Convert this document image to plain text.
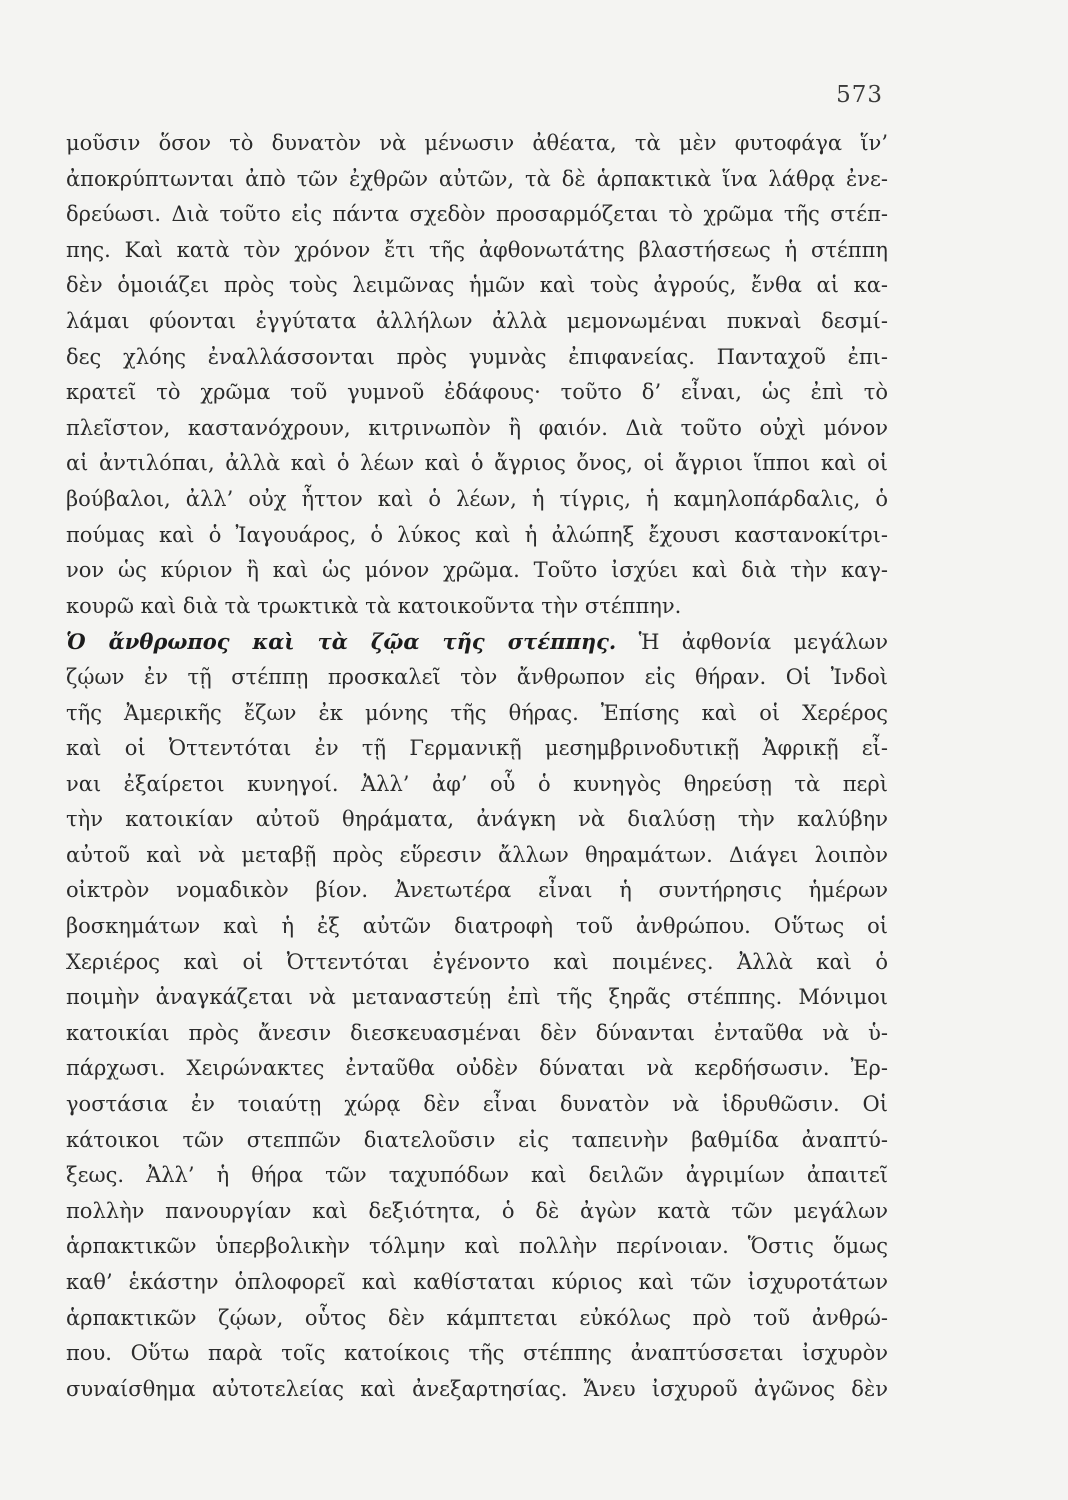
573
μοῦσιν ὅσον τὸ δυνατὸν νὰ μένωσιν ἀθέατα, τὰ μὲν φυτοφάγα ἵν’
ἀποκρύπτωνται ἀπὸ τῶν ἐχθρῶν αὐτῶν, τὰ δὲ ἁρπακτικὰ ἵνα λάθρᾳ ἐνε-
δρεύωσι. Διὰ τοῦτο εἰς πάντα σχεδὸν προσαρμόζεται τὸ χρῶμα τῆς στέπ-
πης. Καὶ κατὰ τὸν χρόνον ἔτι τῆς ἀφθονωτάτης βλαστήσεως ἡ στέππη
δὲν ὁμοιάζει πρὸς τοὺς λειμῶνας ἡμῶν καὶ τοὺς ἀγρούς, ἔνθα αἱ κα-
λάμαι φύονται ἐγγύτατα ἀλλήλων ἀλλὰ μεμονωμέναι πυκναὶ δεσμί-
δες χλόης ἐναλλάσσονται πρὸς γυμνὰς ἐπιφανείας. Πανταχοῦ ἐπι-
κρατεῖ τὸ χρῶμα τοῦ γυμνοῦ ἐδάφους· τοῦτο δ’ εἶναι, ὡς ἐπὶ τὸ
πλεῖστον, καστανόχρουν, κιτρινωπὸν ἢ φαιόν. Διὰ τοῦτο οὐχὶ μόνον
αἱ ἀντιλόπαι, ἀλλὰ καὶ ὁ λέων καὶ ὁ ἄγριος ὄνος, οἱ ἄγριοι ἵπποι καὶ οἱ
βούβαλοι, ἀλλ’ οὐχ ἧττον καὶ ὁ λέων, ἡ τίγρις, ἡ καμηλοπάρδαλις, ὁ
πούμας καὶ ὁ Ἰαγουάρος, ὁ λύκος καὶ ἡ ἀλώπηξ ἔχουσι καστανοκίτρι-
νον ὡς κύριον ἢ καὶ ὡς μόνον χρῶμα. Τοῦτο ἰσχύει καὶ διὰ τὴν καγ-
κουρῶ καὶ διὰ τὰ τρωκτικὰ τὰ κατοικοῦντα τὴν στέππην.
Ὁ ἄνθρωπος καὶ τὰ ζῷα τῆς στέππης. Ἡ ἀφθονία μεγάλων
ζῴων ἐν τῇ στέππῃ προσκαλεῖ τὸν ἄνθρωπον εἰς θήραν. Οἱ Ἰνδοὶ
τῆς Ἀμερικῆς ἔζων ἐκ μόνης τῆς θήρας. Ἐπίσης καὶ οἱ Χερέρος
καὶ οἱ Ὀττεντόται ἐν τῇ Γερμανικῇ μεσημβρινοδυτικῇ Ἀφρικῇ εἶ-
ναι ἐξαίρετοι κυνηγοί. Ἀλλ’ ἀφ’ οὗ ὁ κυνηγὸς θηρεύσῃ τὰ περὶ
τὴν κατοικίαν αὐτοῦ θηράματα, ἀνάγκη νὰ διαλύσῃ τὴν καλύβην
αὐτοῦ καὶ νὰ μεταβῇ πρὸς εὕρεσιν ἄλλων θηραμάτων. Διάγει λοιπὸν
οἰκτρὸν νομαδικὸν βίον. Ἀνετωτέρα εἶναι ἡ συντήρησις ἡμέρων
βοσκημάτων καὶ ἡ ἐξ αὐτῶν διατροφὴ τοῦ ἀνθρώπου. Οὕτως οἱ
Χεριέρος καὶ οἱ Ὀττεντόται ἐγένοντο καὶ ποιμένες. Ἀλλὰ καὶ ὁ
ποιμὴν ἀναγκάζεται νὰ μεταναστεύῃ ἐπὶ τῆς ξηρᾶς στέππης. Μόνιμοι
κατοικίαι πρὸς ἄνεσιν διεσκευασμέναι δὲν δύνανται ἐνταῦθα νὰ ὑ-
πάρχωσι. Χειρώνακτες ἐνταῦθα οὐδὲν δύναται νὰ κερδήσωσιν. Ἐρ-
γοστάσια ἐν τοιαύτῃ χώρᾳ δὲν εἶναι δυνατὸν νὰ ἱδρυθῶσιν. Οἱ
κάτοικοι τῶν στεππῶν διατελοῦσιν εἰς ταπεινὴν βαθμίδα ἀναπτύ-
ξεως. Ἀλλ’ ἡ θήρα τῶν ταχυπόδων καὶ δειλῶν ἀγριμίων ἀπαιτεῖ
πολλὴν πανουργίαν καὶ δεξιότητα, ὁ δὲ ἀγὼν κατὰ τῶν μεγάλων
ἁρπακτικῶν ὑπερβολικὴν τόλμην καὶ πολλὴν περίνοιαν. Ὅστις ὅμως
καθ’ ἑκάστην ὁπλοφορεῖ καὶ καθίσταται κύριος καὶ τῶν ἰσχυροτάτων
ἁρπακτικῶν ζῴων, οὗτος δὲν κάμπτεται εὐκόλως πρὸ τοῦ ἀνθρώ-
που. Οὕτω παρὰ τοῖς κατοίκοις τῆς στέππης ἀναπτύσσεται ἰσχυρὸν
συναίσθημα αὐτοτελείας καὶ ἀνεξαρτησίας. Ἄνευ ἰσχυροῦ ἀγῶνος δὲν
